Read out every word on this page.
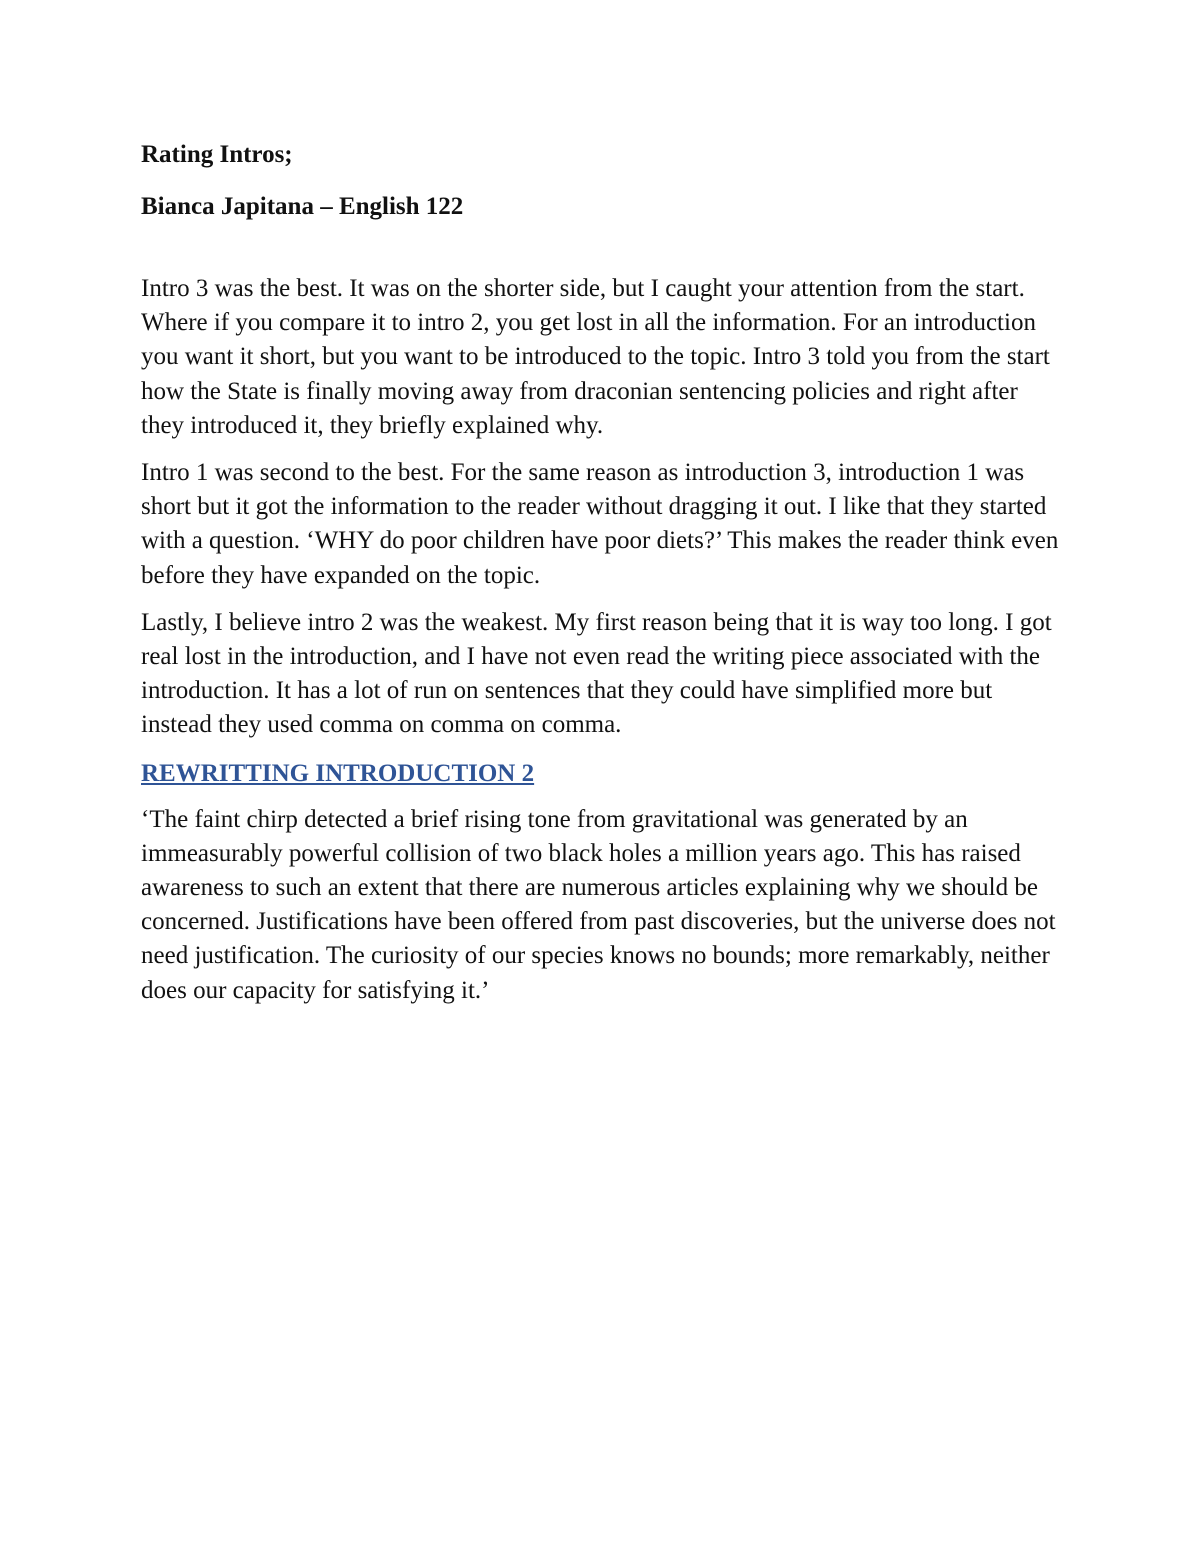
Rating Intros;

Bianca Japitana – English 122

Intro 3 was the best. It was on the shorter side, but I caught your attention from the start. Where if you compare it to intro 2, you get lost in all the information. For an introduction you want it short, but you want to be introduced to the topic. Intro 3 told you from the start how the State is finally moving away from draconian sentencing policies and right after they introduced it, they briefly explained why.

Intro 1 was second to the best. For the same reason as introduction 3, introduction 1 was short but it got the information to the reader without dragging it out. I like that they started with a question. ‘WHY do poor children have poor diets?’ This makes the reader think even before they have expanded on the topic.

Lastly, I believe intro 2 was the weakest. My first reason being that it is way too long. I got real lost in the introduction, and I have not even read the writing piece associated with the introduction. It has a lot of run on sentences that they could have simplified more but instead they used comma on comma on comma.

REWRITTING INTRODUCTION 2

‘The faint chirp detected a brief rising tone from gravitational was generated by an immeasurably powerful collision of two black holes a million years ago. This has raised awareness to such an extent that there are numerous articles explaining why we should be concerned. Justifications have been offered from past discoveries, but the universe does not need justification. The curiosity of our species knows no bounds; more remarkably, neither does our capacity for satisfying it.’
